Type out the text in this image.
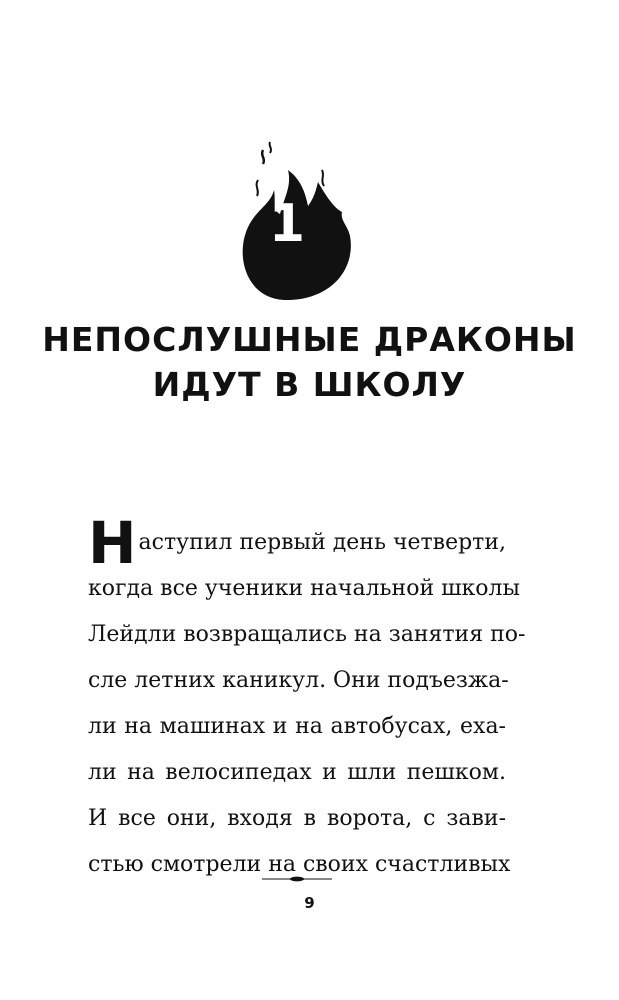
1
НЕПОСЛУШНЫЕ ДРАКОНЫ
ИДУТ В ШКОЛУ
Н аступил первый день четверти,
когда все ученики начальной школы
Лейдли возвращались на занятия по-
сле летних каникул. Они подъезжа-
ли на машинах и на автобусах, еха-
ли на велосипедах и шли пешком.
И все они, входя в ворота, с зави-
стью смотрели на своих счастливых
9
